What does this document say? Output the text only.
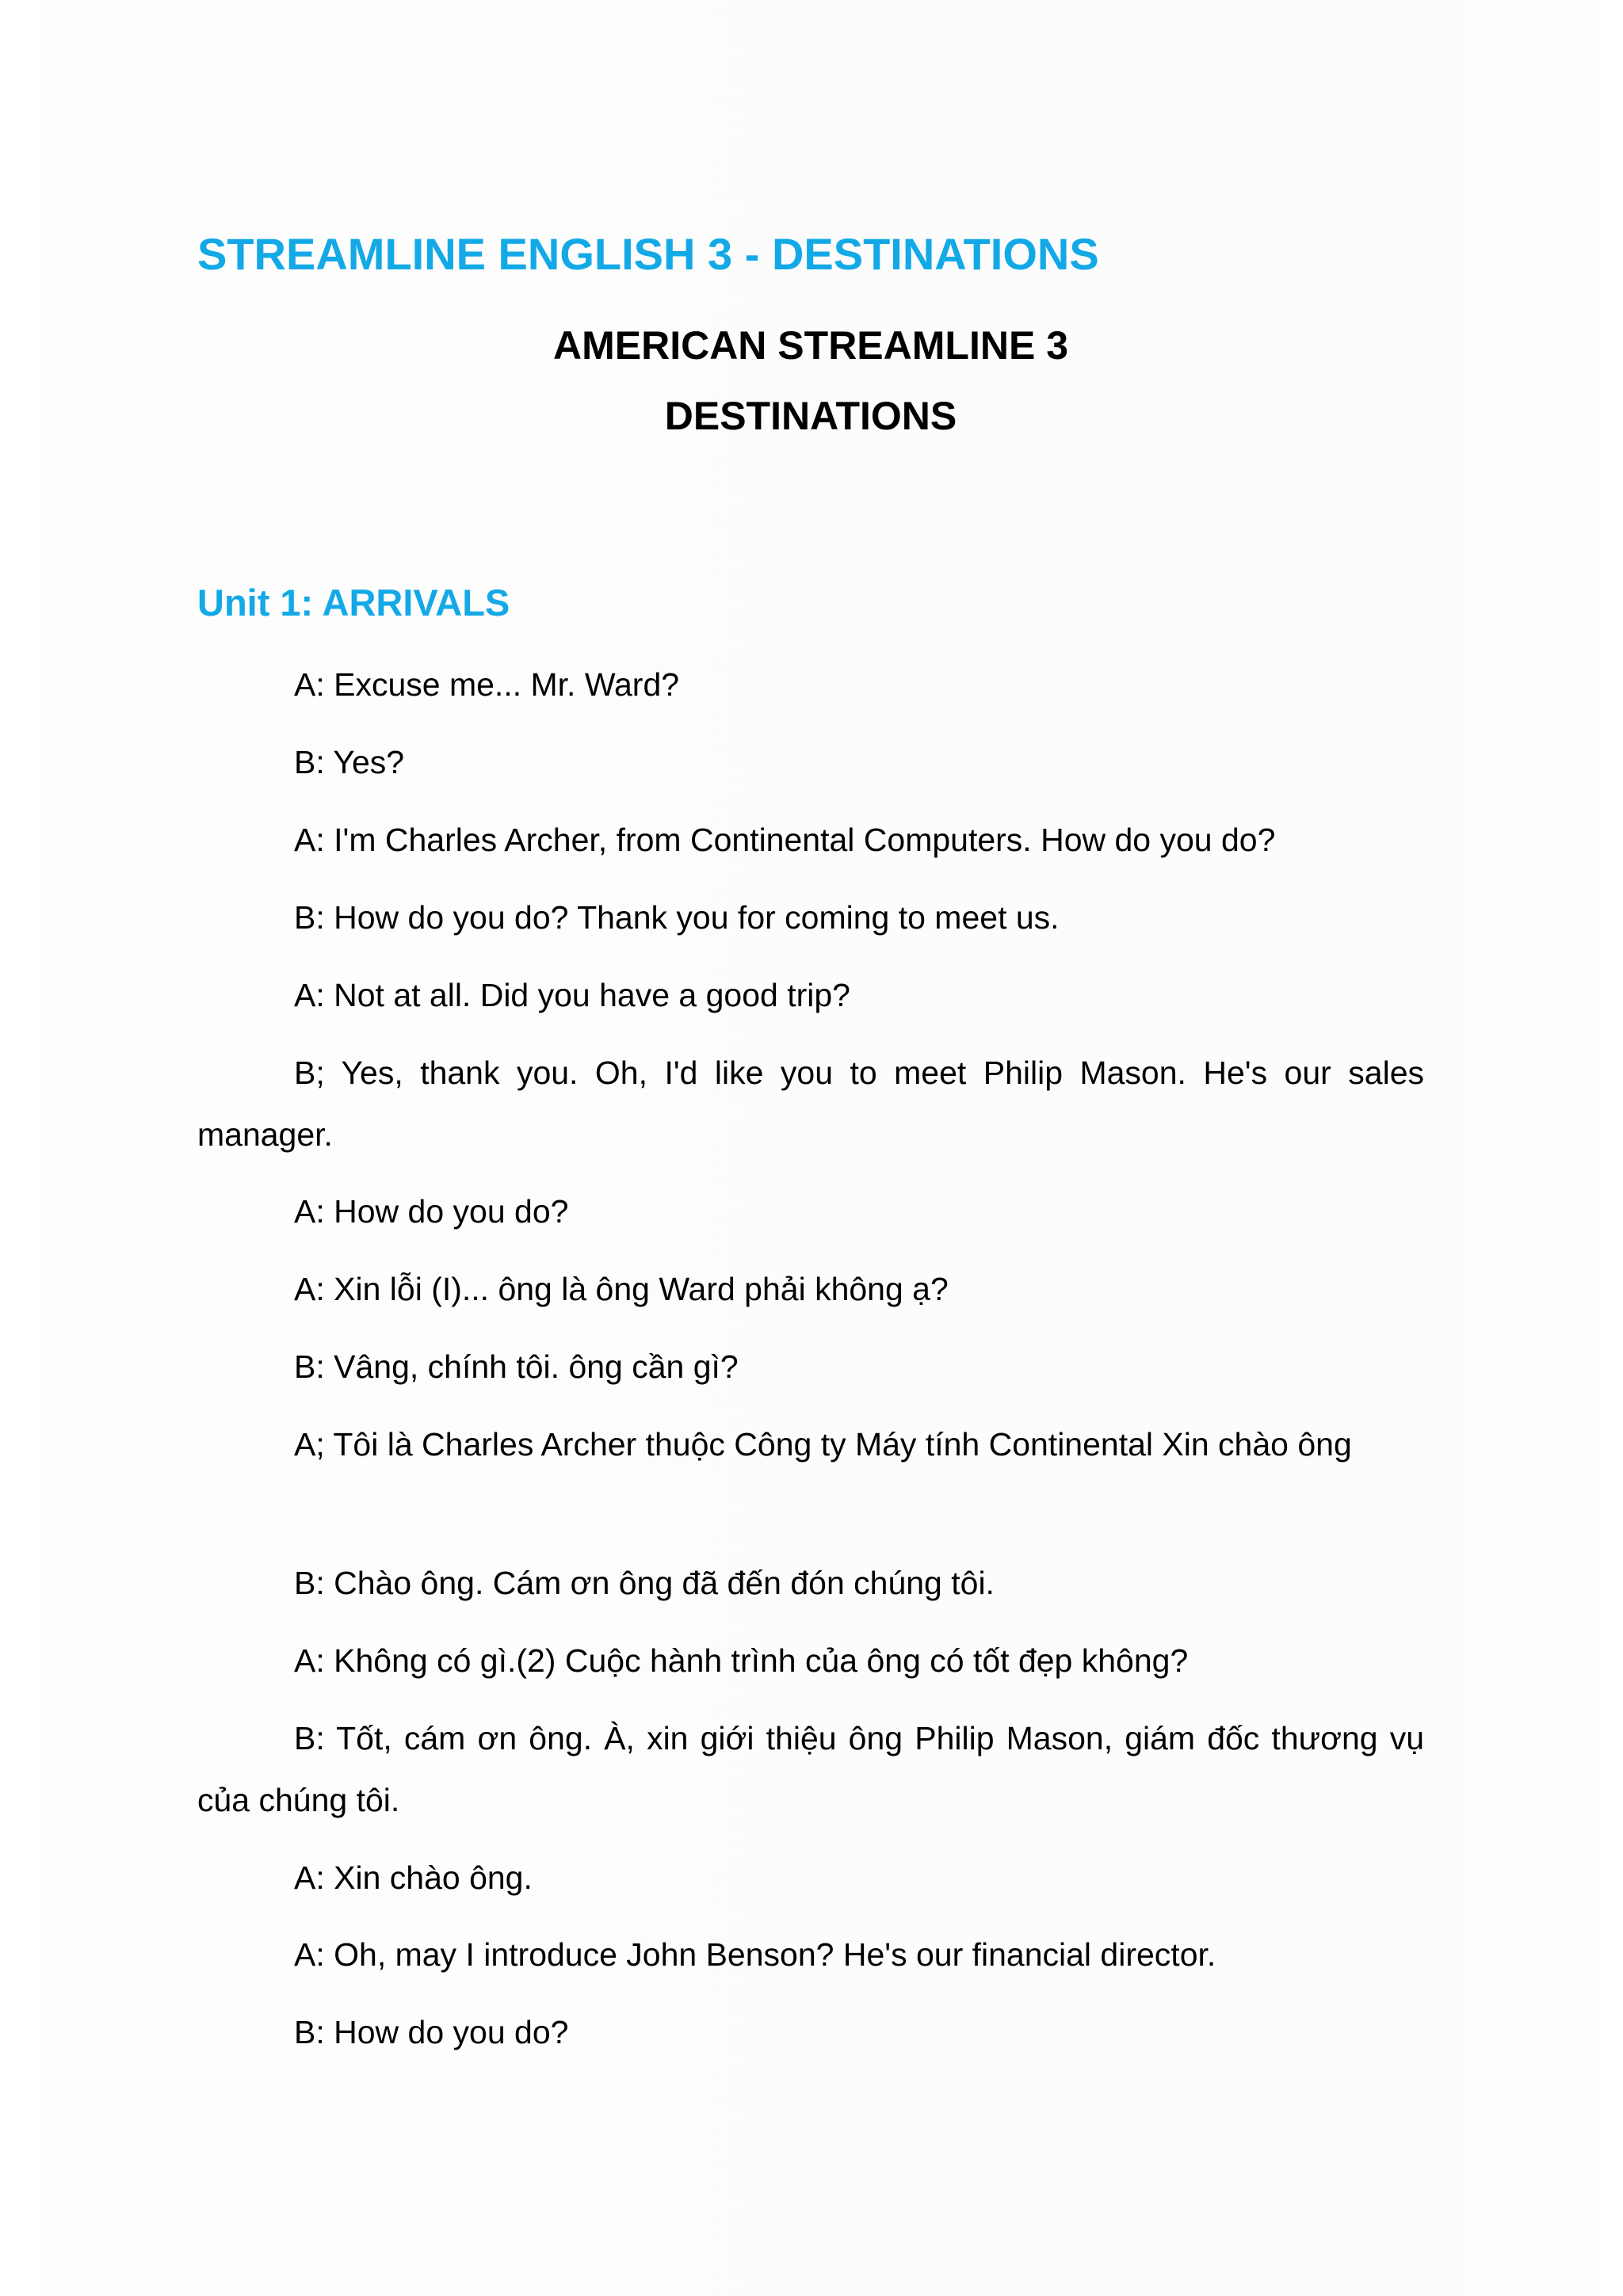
STREAMLINE ENGLISH 3 - DESTINATIONS
AMERICAN STREAMLINE 3
DESTINATIONS
Unit 1: ARRIVALS

A: Excuse me... Mr. Ward?

B: Yes?

A: I'm Charles Archer, from Continental Computers. How do you do?

B: How do you do? Thank you for coming to meet us.

A: Not at all. Did you have a good trip?

B; Yes, thank you. Oh, I'd like you to meet Philip Mason. He's our sales manager.

A: How do you do?

A: Xin lỗi (I)... ông là ông Ward phải không ạ?

B: Vâng, chính tôi. ông cần gì?

A; Tôi là Charles Archer thuộc Công ty Máy tính Continental Xin chào ông

B: Chào ông. Cám ơn ông đã đến đón chúng tôi.

A: Không có gì.(2) Cuộc hành trình của ông có tốt đẹp không?

B: Tốt, cám ơn ông. À, xin giới thiệu ông Philip Mason, giám đốc thương vụ của chúng tôi.

A: Xin chào ông.

A: Oh, may I introduce John Benson? He's our financial director.

B: How do you do?
